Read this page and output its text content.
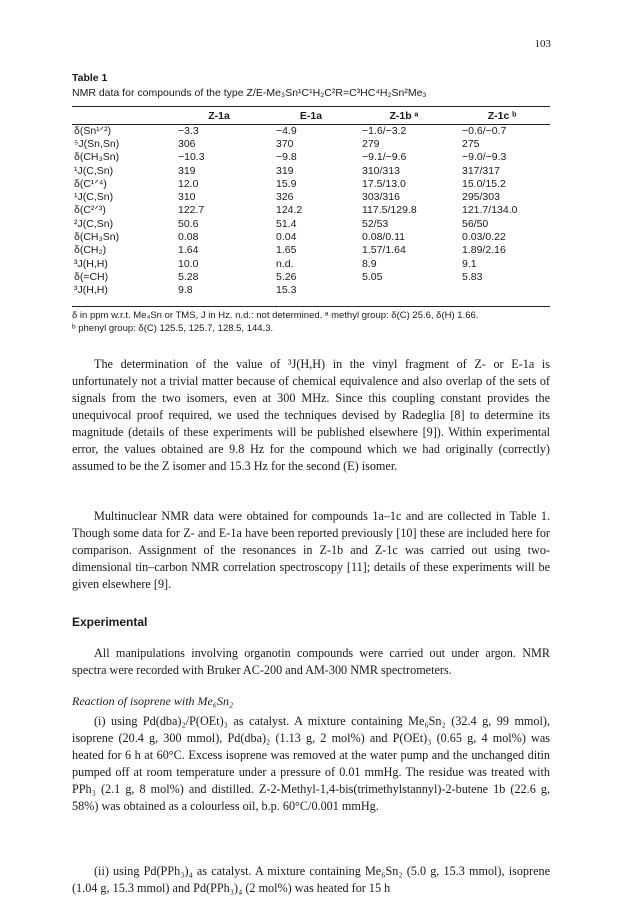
103
Table 1
NMR data for compounds of the type Z/E-Me₃Sn¹C¹H₂C²R=C³HC⁴H₂Sn²Me₃
	Z-1a	E-1a	Z-1b ᵃ	Z-1c ᵇ
δ(Sn¹ᐟ²)	−3.3	−4.9	−1.6/−3.2	−0.6/−0.7
⁵J(Sn,Sn)	306	370	279	275
δ(CH₃Sn)	−10.3	−9.8	−9.1/−9.6	−9.0/−9.3
¹J(C,Sn)	319	319	310/313	317/317
δ(C¹ᐟ⁴)	12.0	15.9	17.5/13.0	15.0/15.2
¹J(C,Sn)	310	326	303/316	295/303
δ(C²ᐟ³)	122.7	124.2	117.5/129.8	121.7/134.0
²J(C,Sn)	50.6	51.4	52/53	56/50
δ(CH₃Sn)	0.08	0.04	0.08/0.11	0.03/0.22
δ(CH₂)	1.64	1.65	1.57/1.64	1.89/2.16
³J(H,H)	10.0	n.d.	8.9	9.1
δ(=CH)	5.28	5.26	5.05	5.83
³J(H,H)	9.8	15.3		
δ in ppm w.r.t. Me₄Sn or TMS, J in Hz. n.d.: not determined. ᵃ methyl group: δ(C) 25.6, δ(H) 1.66.
ᵇ phenyl group: δ(C) 125.5, 125.7, 128.5, 144.3.
The determination of the value of ³J(H,H) in the vinyl fragment of Z- or E-1a is unfortunately not a trivial matter because of chemical equivalence and also overlap of the sets of signals from the two isomers, even at 300 MHz. Since this coupling constant provides the unequivocal proof required, we used the techniques devised by Radeglia [8] to determine its magnitude (details of these experiments will be published elsewhere [9]). Within experimental error, the values obtained are 9.8 Hz for the compound which we had originally (correctly) assumed to be the Z isomer and 15.3 Hz for the second (E) isomer.
Multinuclear NMR data were obtained for compounds 1a–1c and are collected in Table 1. Though some data for Z- and E-1a have been reported previously [10] these are included here for comparison. Assignment of the resonances in Z-1b and Z-1c was carried out using two-dimensional tin–carbon NMR correlation spectroscopy [11]; details of these experiments will be given elsewhere [9].
Experimental
All manipulations involving organotin compounds were carried out under argon. NMR spectra were recorded with Bruker AC-200 and AM-300 NMR spectrometers.
Reaction of isoprene with Me₆Sn₂
(i) using Pd(dba)₂/P(OEt)₃ as catalyst. A mixture containing Me₆Sn₂ (32.4 g, 99 mmol), isoprene (20.4 g, 300 mmol), Pd(dba)₂ (1.13 g, 2 mol%) and P(OEt)₃ (0.65 g, 4 mol%) was heated for 6 h at 60°C. Excess isoprene was removed at the water pump and the unchanged ditin pumped off at room temperature under a pressure of 0.01 mmHg. The residue was treated with PPh₃ (2.1 g, 8 mol%) and distilled. Z-2-Methyl-1,4-bis(trimethylstannyl)-2-butene 1b (22.6 g, 58%) was obtained as a colourless oil, b.p. 60°C/0.001 mmHg.
(ii) using Pd(PPh₃)₄ as catalyst. A mixture containing Me₆Sn₂ (5.0 g, 15.3 mmol), isoprene (1.04 g, 15.3 mmol) and Pd(PPh₃)₄ (2 mol%) was heated for 15 h
